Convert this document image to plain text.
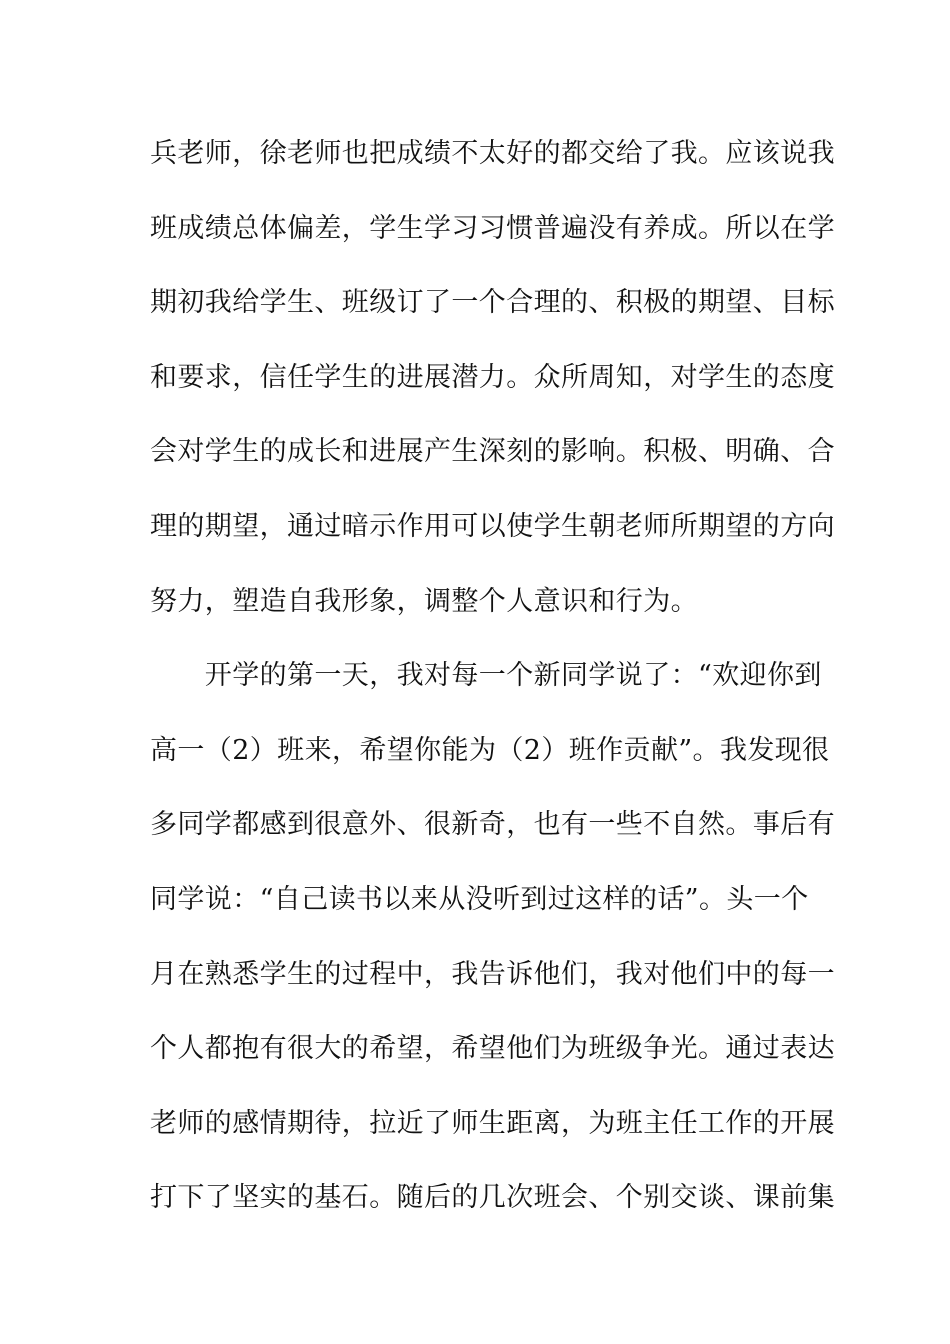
兵老师，徐老师也把成绩不太好的都交给了我。应该说我
班成绩总体偏差，学生学习习惯普遍没有养成。所以在学
期初我给学生、班级订了一个合理的、积极的期望、目标
和要求，信任学生的进展潜力。众所周知，对学生的态度
会对学生的成长和进展产生深刻的影响。积极、明确、合
理的期望，通过暗示作用可以使学生朝老师所期望的方向
努力，塑造自我形象，调整个人意识和行为。
　　开学的第一天，我对每一个新同学说了：“欢迎你到
高一（2）班来，希望你能为（2）班作贡献”。我发现很
多同学都感到很意外、很新奇，也有一些不自然。事后有
同学说：“自己读书以来从没听到过这样的话”。头一个
月在熟悉学生的过程中，我告诉他们，我对他们中的每一
个人都抱有很大的希望，希望他们为班级争光。通过表达
老师的感情期待，拉近了师生距离，为班主任工作的开展
打下了坚实的基石。随后的几次班会、个别交谈、课前集
